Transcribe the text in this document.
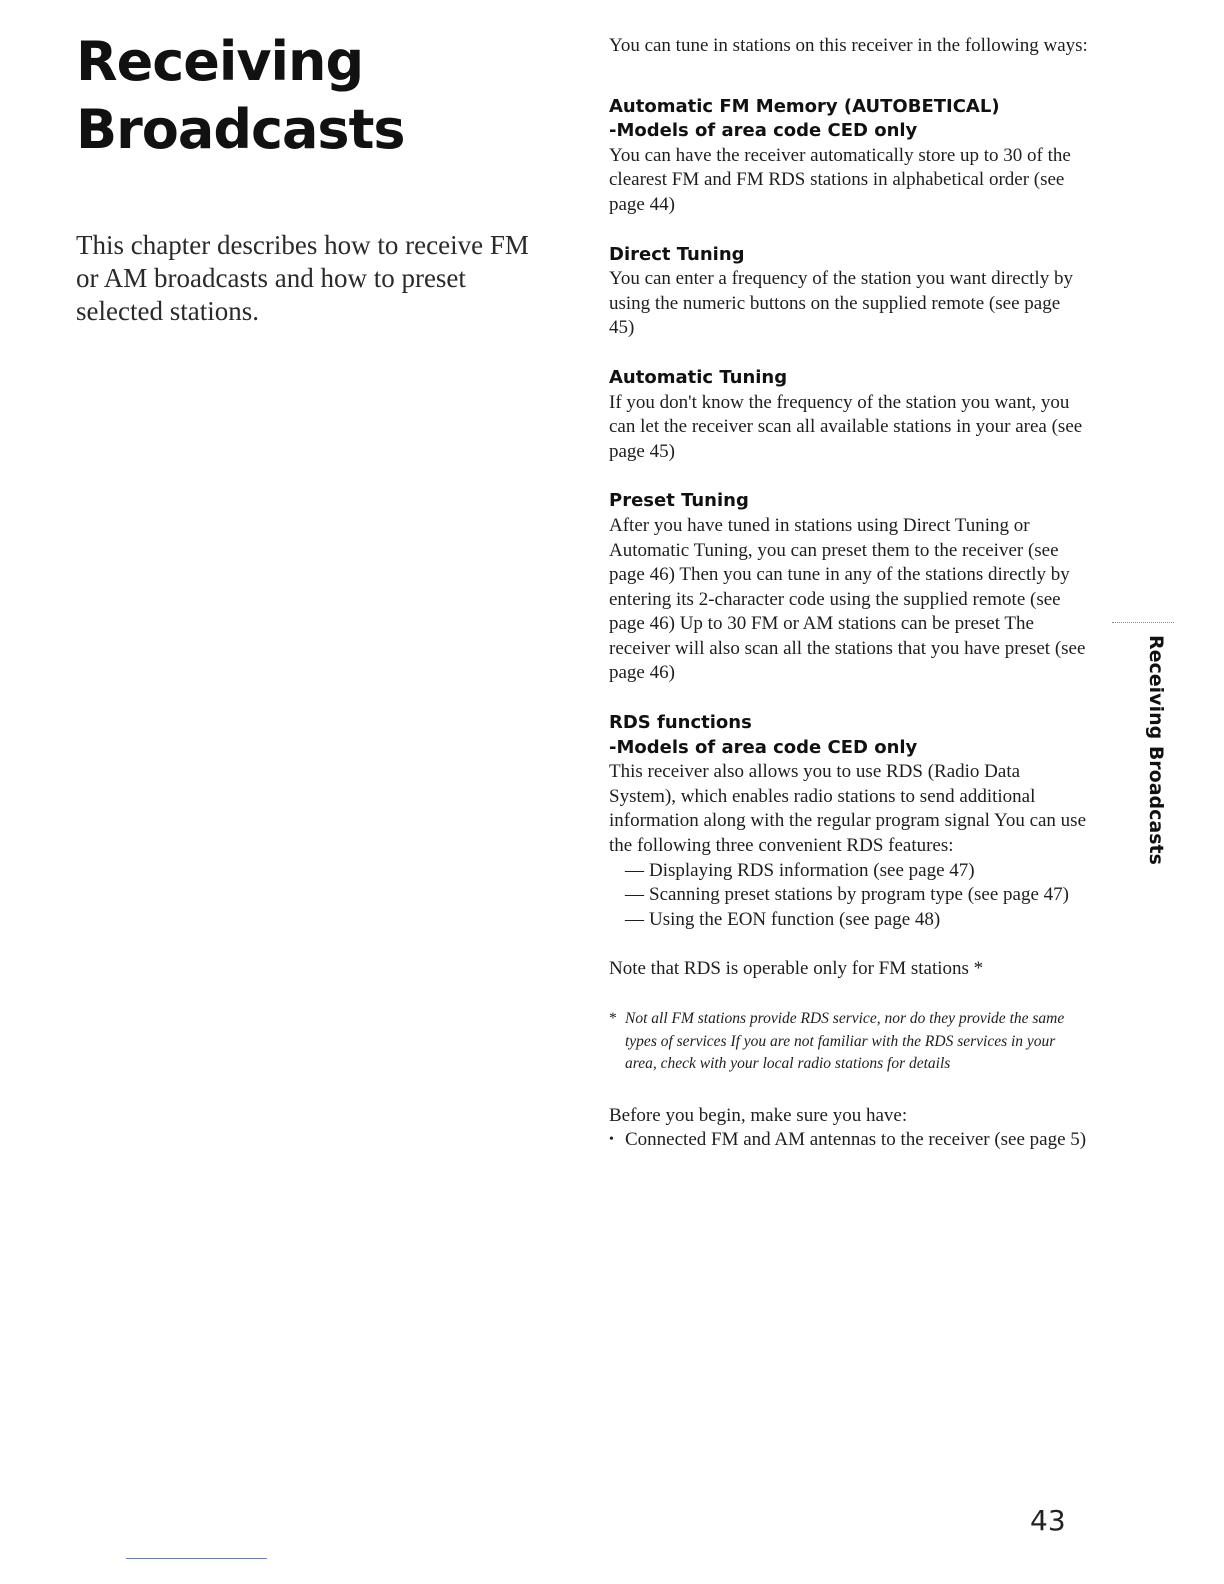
Receiving
Broadcasts

This chapter describes how to receive FM or AM broadcasts and how to preset selected stations.

You can tune in stations on this receiver in the following ways:

Automatic FM Memory (AUTOBETICAL)
-Models of area code CED only

You can have the receiver automatically store up to 30 of the clearest FM and FM RDS stations in alphabetical order (see page 44)

Direct Tuning

You can enter a frequency of the station you want directly by using the numeric buttons on the supplied remote (see page 45)

Automatic Tuning

If you don't know the frequency of the station you want, you can let the receiver scan all available stations in your area (see page 45)

Preset Tuning

After you have tuned in stations using Direct Tuning or Automatic Tuning, you can preset them to the receiver (see page 46) Then you can tune in any of the stations directly by entering its 2-character code using the supplied remote (see page 46) Up to 30 FM or AM stations can be preset The receiver will also scan all the stations that you have preset (see page 46)

RDS functions
-Models of area code CED only

This receiver also allows you to use RDS (Radio Data System), which enables radio stations to send additional information along with the regular program signal You can use the following three convenient RDS features:

— Displaying RDS information (see page 47)
— Scanning preset stations by program type (see page 47)
— Using the EON function (see page 48)

Note that RDS is operable only for FM stations *

* Not all FM stations provide RDS service, nor do they provide the same types of services If you are not familiar with the RDS services in your area, check with your local radio stations for details

Before you begin, make sure you have:

• Connected FM and AM antennas to the receiver (see page 5)
Receiving Broadcasts
43
